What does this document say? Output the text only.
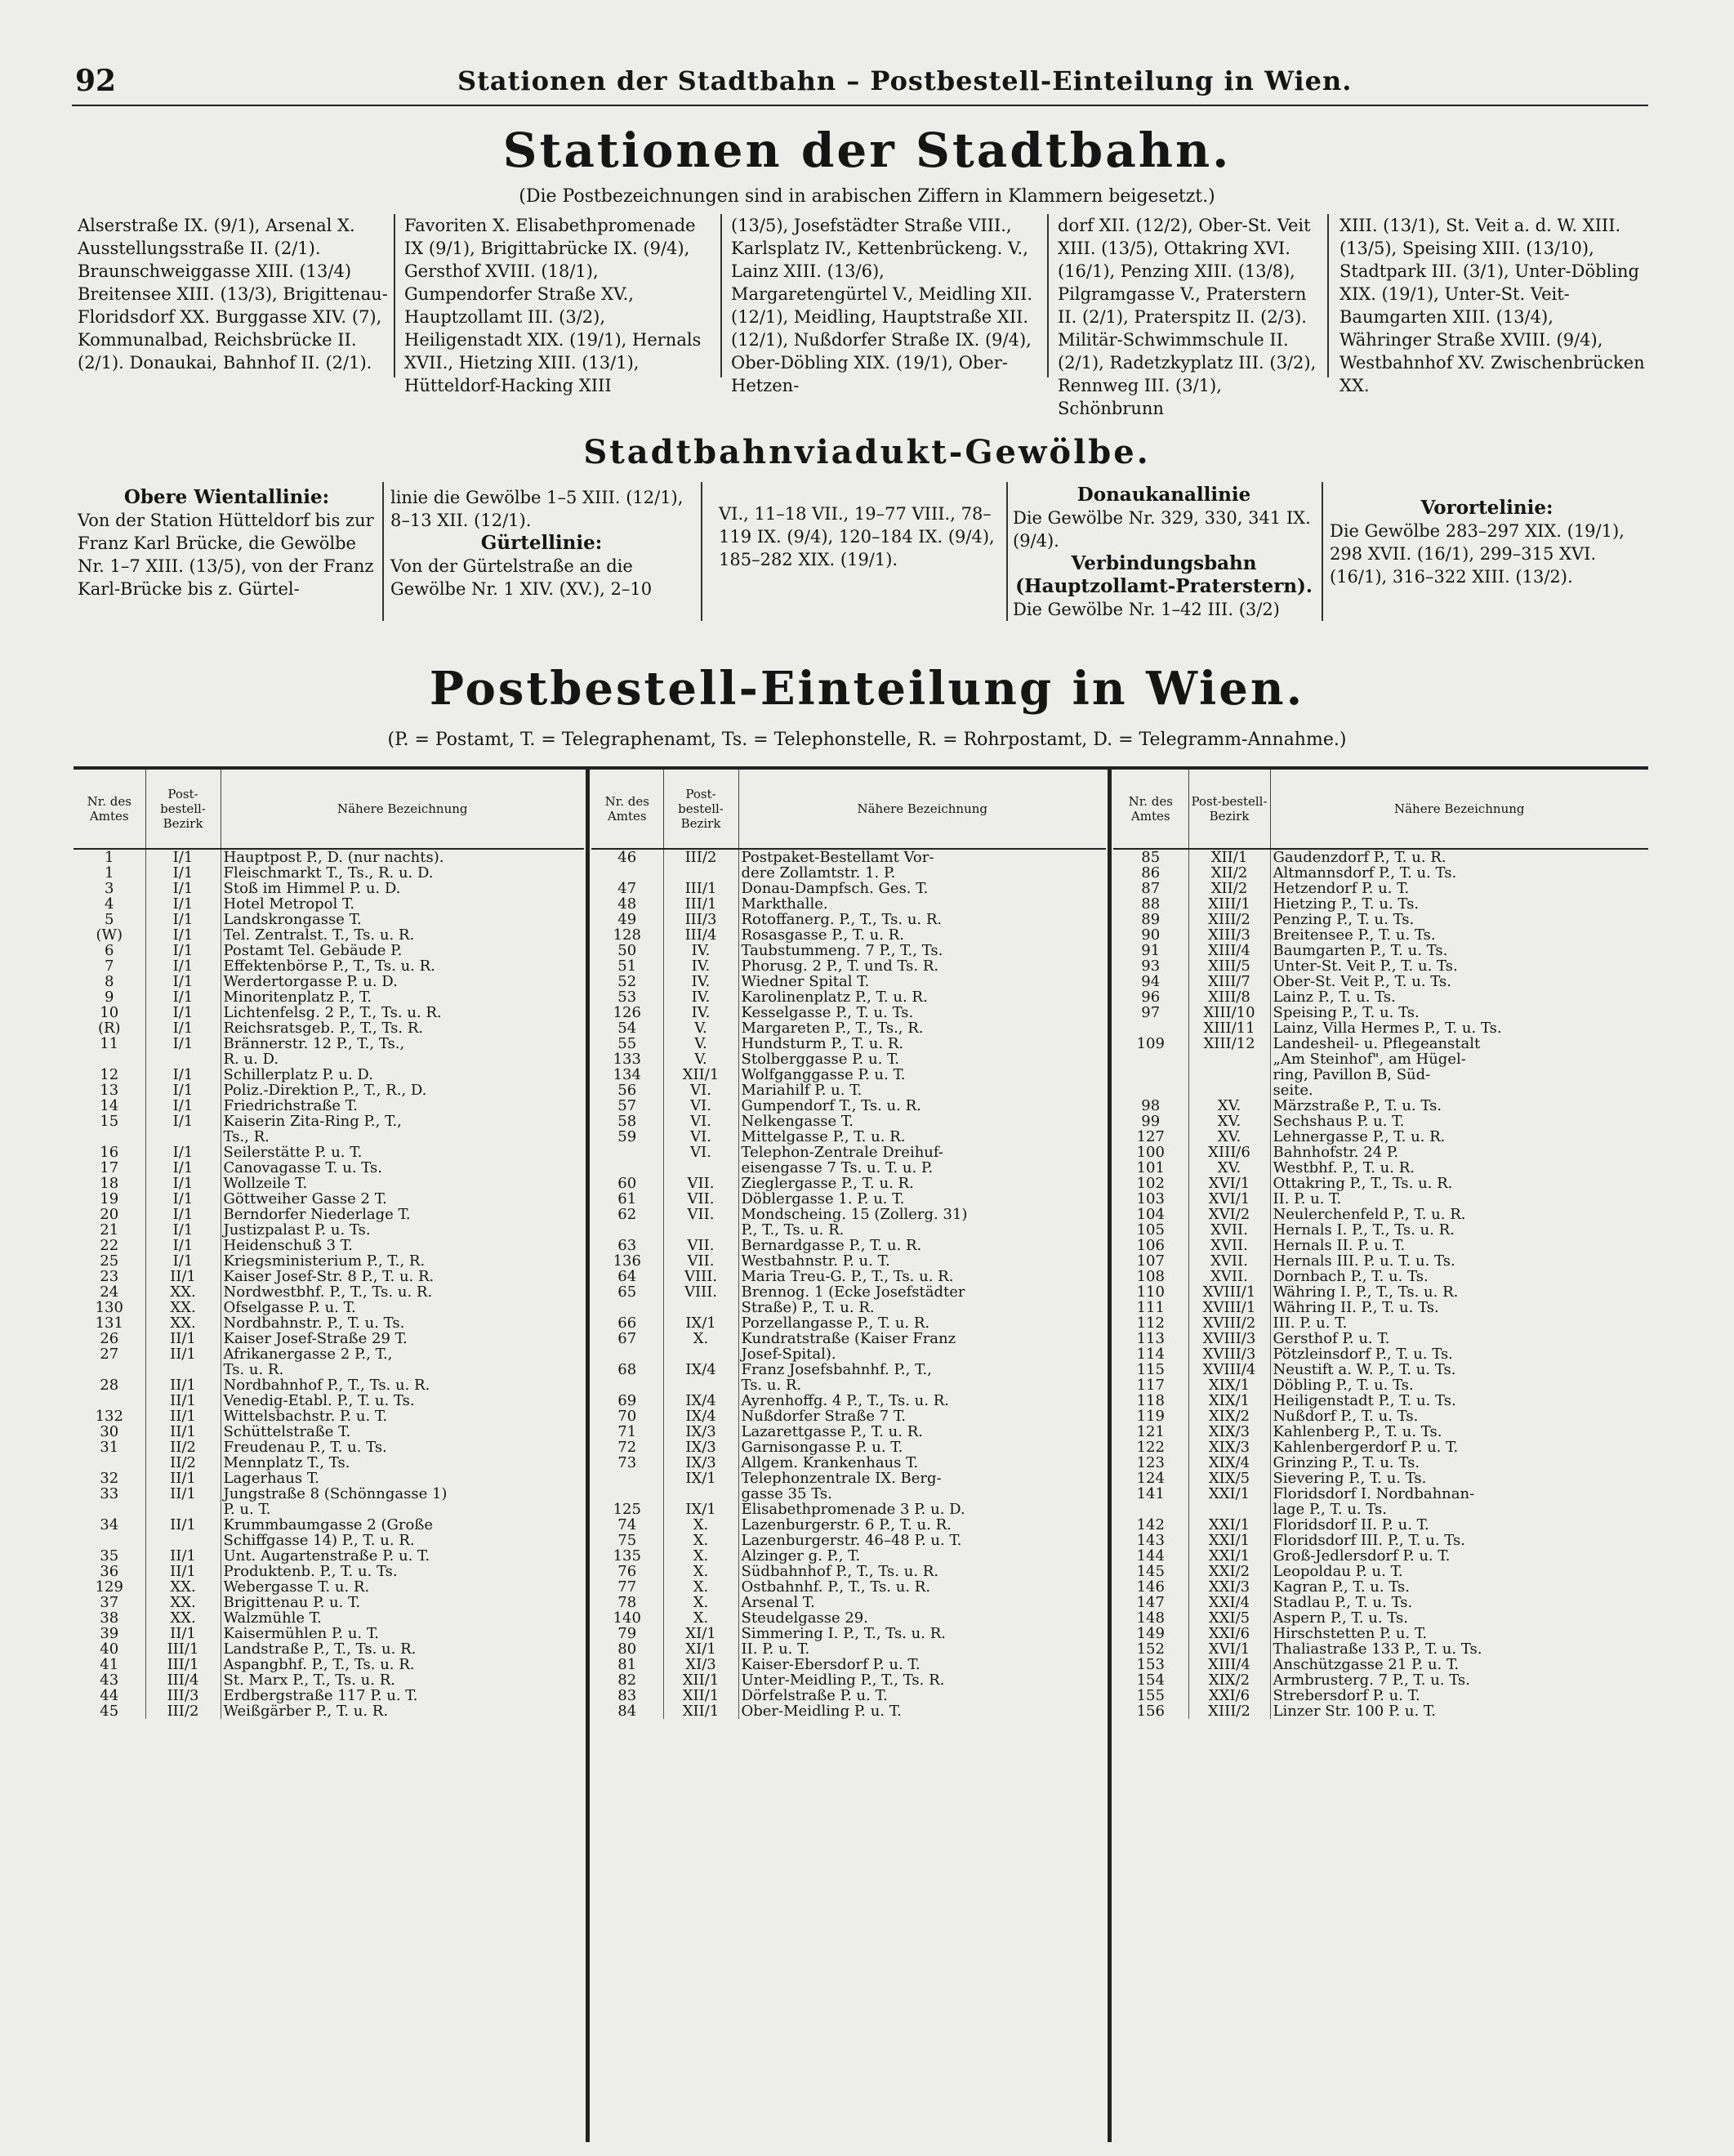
92	Stationen der Stadtbahn – Postbestell-Einteilung in Wien.
Stationen der Stadtbahn.
(Die Postbezeichnungen sind in arabischen Ziffern in Klammern beigesetzt.)
Alserstraße IX. (9/1), Arsenal X. Ausstellungsstraße II. (2/1). Braunschweiggasse XIII. (13/4) Breitensee XIII. (13/3), Brigittenau-Floridsdorf XX. Burggasse XIV. (7), Kommunalbad, Reichsbrücke II. (2/1). Donaukai, Bahnhof II. (2/1).
Favoriten X. Elisabethpromenade IX (9/1), Brigittabrücke IX. (9/4), Gersthof XVIII. (18/1), Gumpendorfer Straße XV., Hauptzollamt III. (3/2), Heiligenstadt XIX. (19/1), Hernals XVII., Hietzing XIII. (13/1), Hütteldorf-Hacking XIII
(13/5), Josefstädter Straße VIII., Karlsplatz IV., Kettenbrückeng. V., Lainz XIII. (13/6), Margaretengürtel V., Meidling XII. (12/1), Meidling, Hauptstraße XII. (12/1), Nußdorfer Straße IX. (9/4), Ober-Döbling XIX. (19/1), Ober-Hetzen-
dorf XII. (12/2), Ober-St. Veit XIII. (13/5), Ottakring XVI. (16/1), Penzing XIII. (13/8), Pilgramgasse V., Praterstern II. (2/1), Praterspitz II. (2/3). Militär-Schwimmschule II. (2/1), Radetzkyplatz III. (3/2), Rennweg III. (3/1), Schönbrunn
XIII. (13/1), St. Veit a. d. W. XIII. (13/5), Speising XIII. (13/10), Stadtpark III. (3/1), Unter-Döbling XIX. (19/1), Unter-St. Veit-Baumgarten XIII. (13/4), Währinger Straße XVIII. (9/4), Westbahnhof XV. Zwischenbrücken XX.
Stadtbahnviadukt-Gewölbe.
Obere Wientallinie:
Von der Station Hütteldorf bis zur Franz Karl Brücke, die Gewölbe Nr. 1–7 XIII. (13/5), von der Franz Karl-Brücke bis z. Gürtel-
linie die Gewölbe 1–5 XIII. (12/1), 8–13 XII. (12/1).
Gürtellinie:
Von der Gürtelstraße an die Gewölbe Nr. 1 XIV. (XV.), 2–10
VI., 11–18 VII., 19–77 VIII., 78–119 IX. (9/4), 120–184 IX. (9/4), 185–282 XIX. (19/1).
Donaukanallinie
Die Gewölbe Nr. 329, 330, 341 IX. (9/4).
Verbindungsbahn (Hauptzollamt-Praterstern).
Die Gewölbe Nr. 1–42 III. (3/2)
Vorortelinie:
Die Gewölbe 283–297 XIX. (19/1), 298 XVII. (16/1), 299–315 XVI. (16/1), 316–322 XIII. (13/2).
Postbestell-Einteilung in Wien.
(P. = Postamt, T. = Telegraphenamt, Ts. = Telephonstelle, R. = Rohrpostamt, D. = Telegramm-Annahme.)
Nr. des Amtes	Post-bestell-Bezirk	Nähere Bezeichnung
1	I/1	Hauptpost P., D. (nur nachts).
1	I/1	Fleischmarkt T., Ts., R. u. D.
3	I/1	Stoß im Himmel P. u. D.
4	I/1	Hotel Metropol T.
5	I/1	Landskrongasse T.
(W)	I/1	Tel. Zentralst. T., Ts. u. R.
6	I/1	Postamt Tel. Gebäude P.
7	I/1	Effektenbörse P., T., Ts. u. R.
8	I/1	Werdertorgasse P. u. D.
9	I/1	Minoritenplatz P., T.
10	I/1	Lichtenfelsg. 2 P., T., Ts. u. R.
(R)	I/1	Reichsratsgeb. P., T., Ts. R.
11	I/1	Brännerstr. 12 P., T., Ts.,
		R. u. D.
12	I/1	Schillerplatz P. u. D.
13	I/1	Poliz.-Direktion P., T., R., D.
14	I/1	Friedrichstraße T.
15	I/1	Kaiserin Zita-Ring P., T.,
		Ts., R.
16	I/1	Seilerstätte P. u. T.
17	I/1	Canovagasse T. u. Ts.
18	I/1	Wollzeile T.
19	I/1	Göttweiher Gasse 2 T.
20	I/1	Berndorfer Niederlage T.
21	I/1	Justizpalast P. u. Ts.
22	I/1	Heidenschuß 3 T.
25	I/1	Kriegsministerium P., T., R.
23	II/1	Kaiser Josef-Str. 8 P., T. u. R.
24	XX.	Nordwestbhf. P., T., Ts. u. R.
130	XX.	Ofselgasse P. u. T.
131	XX.	Nordbahnstr. P., T. u. Ts.
26	II/1	Kaiser Josef-Straße 29 T.
27	II/1	Afrikanergasse 2 P., T.,
		Ts. u. R.
28	II/1	Nordbahnhof P., T., Ts. u. R.
	II/1	Venedig-Etabl. P., T. u. Ts.
132	II/1	Wittelsbachstr. P. u. T.
30	II/1	Schüttelstraße T.
31	II/2	Freudenau P., T. u. Ts.
	II/2	Mennplatz T., Ts.
32	II/1	Lagerhaus T.
33	II/1	Jungstraße 8 (Schönngasse 1)
		P. u. T.
34	II/1	Krummbaumgasse 2 (Große
		Schiffgasse 14) P., T. u. R.
35	II/1	Unt. Augartenstraße P. u. T.
36	II/1	Produktenb. P., T. u. Ts.
129	XX.	Webergasse T. u. R.
37	XX.	Brigittenau P. u. T.
38	XX.	Walzmühle T.
39	II/1	Kaisermühlen P. u. T.
40	III/1	Landstraße P., T., Ts. u. R.
41	III/1	Aspangbhf. P., T., Ts. u. R.
43	III/4	St. Marx P., T., Ts. u. R.
44	III/3	Erdbergstraße 117 P. u. T.
45	III/2	Weißgärber P., T. u. R.
Nr. des Amtes	Post-bestell-Bezirk	Nähere Bezeichnung
46	III/2	Postpaket-Bestellamt Vor-
		dere Zollamtstr. 1. P.
47	III/1	Donau-Dampfsch. Ges. T.
48	III/1	Markthalle.
49	III/3	Rotoffanerg. P., T., Ts. u. R.
128	III/4	Rosasgasse P., T. u. R.
50	IV.	Taubstummeng. 7 P., T., Ts.
51	IV.	Phorusg. 2 P., T. und Ts. R.
52	IV.	Wiedner Spital T.
53	IV.	Karolinenplatz P., T. u. R.
126	IV.	Kesselgasse P., T. u. Ts.
54	V.	Margareten P., T., Ts., R.
55	V.	Hundsturm P., T. u. R.
133	V.	Stolberggasse P. u. T.
134	XII/1	Wolfganggasse P. u. T.
56	VI.	Mariahilf P. u. T.
57	VI.	Gumpendorf T., Ts. u. R.
58	VI.	Nelkengasse T.
59	VI.	Mittelgasse P., T. u. R.
	VI.	Telephon-Zentrale Dreihuf-
		eisengasse 7 Ts. u. T. u. P.
60	VII.	Zieglergasse P., T. u. R.
61	VII.	Döblergasse 1. P. u. T.
62	VII.	Mondscheing. 15 (Zollerg. 31)
		P., T., Ts. u. R.
63	VII.	Bernardgasse P., T. u. R.
136	VII.	Westbahnstr. P. u. T.
64	VIII.	Maria Treu-G. P., T., Ts. u. R.
65	VIII.	Brennog. 1 (Ecke Josefstädter
		Straße) P., T. u. R.
66	IX/1	Porzellangasse P., T. u. R.
67	X.	Kundratstraße (Kaiser Franz
		Josef-Spital).
68	IX/4	Franz Josefsbahnhf. P., T.,
		Ts. u. R.
69	IX/4	Ayrenhoffg. 4 P., T., Ts. u. R.
70	IX/4	Nußdorfer Straße 7 T.
71	IX/3	Lazarettgasse P., T. u. R.
72	IX/3	Garnisongasse P. u. T.
73	IX/3	Allgem. Krankenhaus T.
	IX/1	Telephonzentrale IX. Berg-
		gasse 35 Ts.
125	IX/1	Elisabethpromenade 3 P. u. D.
74	X.	Lazenburgerstr. 6 P., T. u. R.
75	X.	Lazenburgerstr. 46–48 P. u. T.
135	X.	Alzinger g. P., T.
76	X.	Südbahnhof P., T., Ts. u. R.
77	X.	Ostbahnhf. P., T., Ts. u. R.
78	X.	Arsenal T.
140	X.	Steudelgasse 29.
79	XI/1	Simmering I. P., T., Ts. u. R.
80	XI/1	II. P. u. T.
81	XI/3	Kaiser-Ebersdorf P. u. T.
82	XII/1	Unter-Meidling P., T., Ts. R.
83	XII/1	Dörfelstraße P. u. T.
84	XII/1	Ober-Meidling P. u. T.
Nr. des Amtes	Post-bestell-Bezirk	Nähere Bezeichnung
85	XII/1	Gaudenzdorf P., T. u. R.
86	XII/2	Altmannsdorf P., T. u. Ts.
87	XII/2	Hetzendorf P. u. T.
88	XIII/1	Hietzing P., T. u. Ts.
89	XIII/2	Penzing P., T. u. Ts.
90	XIII/3	Breitensee P., T. u. Ts.
91	XIII/4	Baumgarten P., T. u. Ts.
93	XIII/5	Unter-St. Veit P., T. u. Ts.
94	XIII/7	Ober-St. Veit P., T. u. Ts.
96	XIII/8	Lainz P., T. u. Ts.
97	XIII/10	Speising P., T. u. Ts.
	XIII/11	Lainz, Villa Hermes P., T. u. Ts.
109	XIII/12	Landesheil- u. Pflegeanstalt
		„Am Steinhof", am Hügel-
		ring, Pavillon B, Süd-
		seite.
98	XV.	Märzstraße P., T. u. Ts.
99	XV.	Sechshaus P. u. T.
127	XV.	Lehnergasse P., T. u. R.
100	XIII/6	Bahnhofstr. 24 P.
101	XV.	Westbhf. P., T. u. R.
102	XVI/1	Ottakring P., T., Ts. u. R.
103	XVI/1	II. P. u. T.
104	XVI/2	Neulerchenfeld P., T. u. R.
105	XVII.	Hernals I. P., T., Ts. u. R.
106	XVII.	Hernals II. P. u. T.
107	XVII.	Hernals III. P. u. T. u. Ts.
108	XVII.	Dornbach P., T. u. Ts.
110	XVIII/1	Währing I. P., T., Ts. u. R.
111	XVIII/1	Währing II. P., T. u. Ts.
112	XVIII/2	III. P. u. T.
113	XVIII/3	Gersthof P. u. T.
114	XVIII/3	Pötzleinsdorf P., T. u. Ts.
115	XVIII/4	Neustift a. W. P., T. u. Ts.
117	XIX/1	Döbling P., T. u. Ts.
118	XIX/1	Heiligenstadt P., T. u. Ts.
119	XIX/2	Nußdorf P., T. u. Ts.
121	XIX/3	Kahlenberg P., T. u. Ts.
122	XIX/3	Kahlenbergerdorf P. u. T.
123	XIX/4	Grinzing P., T. u. Ts.
124	XIX/5	Sievering P., T. u. Ts.
141	XXI/1	Floridsdorf I. Nordbahnan-
		lage P., T. u. Ts.
142	XXI/1	Floridsdorf II. P. u. T.
143	XXI/1	Floridsdorf III. P., T. u. Ts.
144	XXI/1	Groß-Jedlersdorf P. u. T.
145	XXI/2	Leopoldau P. u. T.
146	XXI/3	Kagran P., T. u. Ts.
147	XXI/4	Stadlau P., T. u. Ts.
148	XXI/5	Aspern P., T. u. Ts.
149	XXI/6	Hirschstetten P. u. T.
152	XVI/1	Thaliastraße 133 P., T. u. Ts.
153	XIII/4	Anschützgasse 21 P. u. T.
154	XIX/2	Armbrusterg. 7 P., T. u. Ts.
155	XXI/6	Strebersdorf P. u. T.
156	XIII/2	Linzer Str. 100 P. u. T.
